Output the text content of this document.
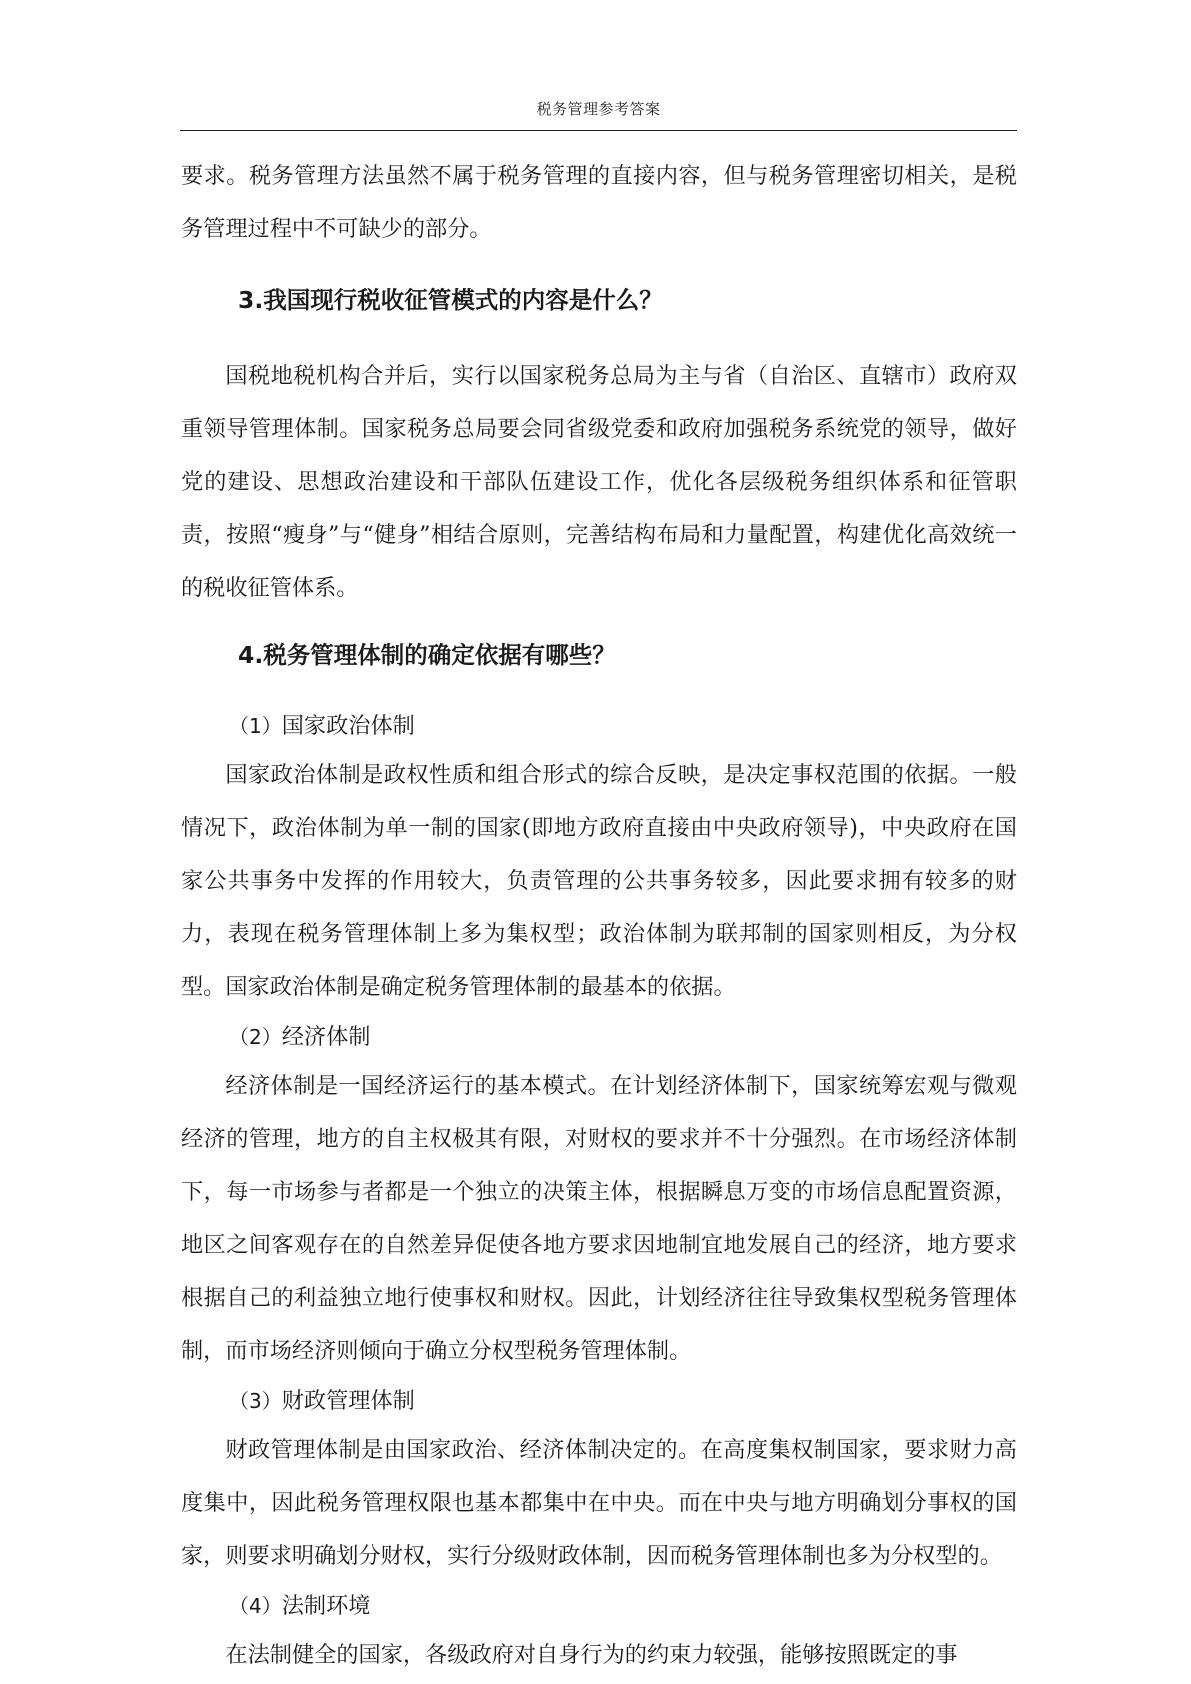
税务管理参考答案

要求。税务管理方法虽然不属于税务管理的直接内容，但与税务管理密切相关，是税务管理过程中不可缺少的部分。

3.我国现行税收征管模式的内容是什么？

国税地税机构合并后，实行以国家税务总局为主与省（自治区、直辖市）政府双重领导管理体制。国家税务总局要会同省级党委和政府加强税务系统党的领导，做好党的建设、思想政治建设和干部队伍建设工作，优化各层级税务组织体系和征管职责，按照“瘦身”与“健身”相结合原则，完善结构布局和力量配置，构建优化高效统一的税收征管体系。

4.税务管理体制的确定依据有哪些？

（1）国家政治体制

国家政治体制是政权性质和组合形式的综合反映，是决定事权范围的依据。一般情况下，政治体制为单一制的国家(即地方政府直接由中央政府领导)，中央政府在国家公共事务中发挥的作用较大，负责管理的公共事务较多，因此要求拥有较多的财力，表现在税务管理体制上多为集权型；政治体制为联邦制的国家则相反，为分权型。国家政治体制是确定税务管理体制的最基本的依据。

（2）经济体制

经济体制是一国经济运行的基本模式。在计划经济体制下，国家统筹宏观与微观经济的管理，地方的自主权极其有限，对财权的要求并不十分强烈。在市场经济体制下，每一市场参与者都是一个独立的决策主体，根据瞬息万变的市场信息配置资源，地区之间客观存在的自然差异促使各地方要求因地制宜地发展自己的经济，地方要求根据自己的利益独立地行使事权和财权。因此，计划经济往往导致集权型税务管理体制，而市场经济则倾向于确立分权型税务管理体制。

（3）财政管理体制

财政管理体制是由国家政治、经济体制决定的。在高度集权制国家，要求财力高度集中，因此税务管理权限也基本都集中在中央。而在中央与地方明确划分事权的国家，则要求明确划分财权，实行分级财政体制，因而税务管理体制也多为分权型的。

（4）法制环境

在法制健全的国家，各级政府对自身行为的约束力较强，能够按照既定的事
